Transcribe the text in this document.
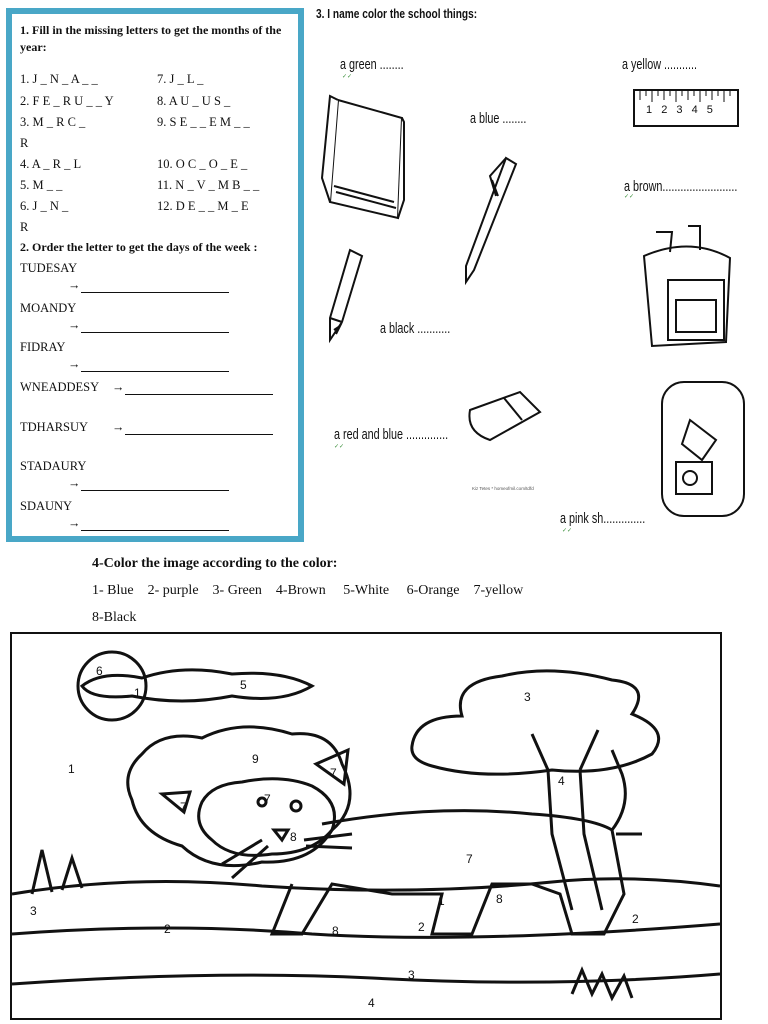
1. Fill in the missing letters to get the months of the year:
1. J _ N _ A _ _
2. F E _ R U _ _ Y
3. M _ R C _
R
4. A _ R _ L
5. M _ _
6. J _ N _
R
7. J _ L _
8. A U _ U S _
9. S E _ _ E M _ _
10. O C _ O _ E _
11. N _ V _ M B _ _
12. D E _ _ M _ E
2. Order the letter to get the days of the week :
TUDESAY
→
MOANDY
→
FIDRAY
→
WNEADDESY →
TDHARSUY →
STADAURY
→
SDAUNY
→
3. I name color the school things:
a green ........	a yellow ...........
a blue ........
a brown.........................
a black ...........
a red and blue ..............
a pink sh..............
✓✓
✓✓
✓✓
✓✓
1 2 3 4 5
Kiz Tetes * homeofmil.com/tdfd
4-Color the image according to the color:
1- Blue 2- purple 3- Green 4-Brown 5-White 6-Orange 7-yellow
8-Black
6
1
5
3
1
9
7
7
7
4
8
7
1	8
3
2	8	2
2
3
4
